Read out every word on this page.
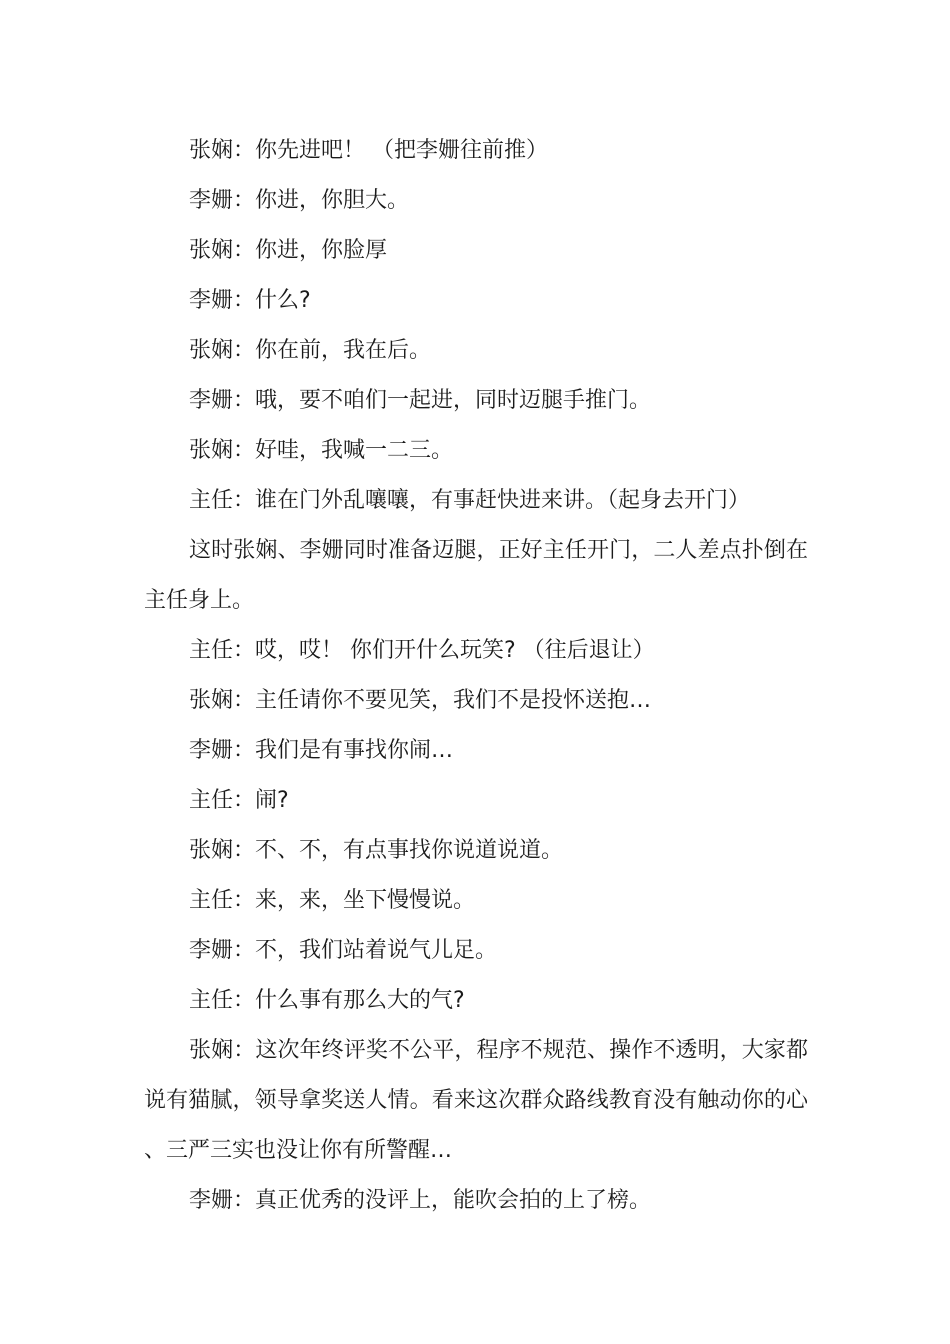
张娴：你先进吧！ （把李姗往前推）

李姗：你进，你胆大。

张娴：你进，你脸厚

李姗：什么?

张娴：你在前，我在后。

李姗：哦，要不咱们一起进，同时迈腿手推门。

张娴：好哇，我喊一二三。

主任：谁在门外乱嚷嚷，有事赶快进来讲。（起身去开门）

这时张娴、李姗同时准备迈腿，正好主任开门，二人差点扑倒在主任身上。

主任：哎，哎！ 你们开什么玩笑? （往后退让）

张娴：主任请你不要见笑，我们不是投怀送抱…

李姗：我们是有事找你闹…

主任：闹?

张娴：不、不，有点事找你说道说道。

主任：来，来，坐下慢慢说。

李姗：不，我们站着说气儿足。

主任：什么事有那么大的气?

张娴：这次年终评奖不公平，程序不规范、操作不透明，大家都说有猫腻，领导拿奖送人情。看来这次群众路线教育没有触动你的心、三严三实也没让你有所警醒…

李姗：真正优秀的没评上，能吹会拍的上了榜。
